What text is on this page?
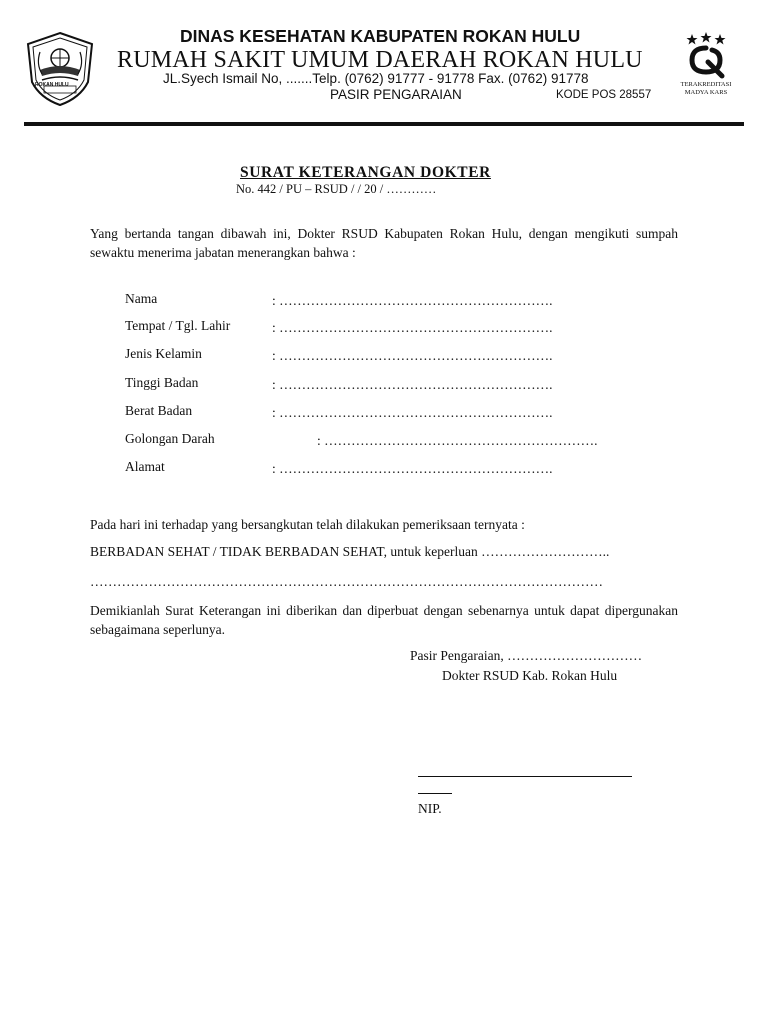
ROKAN HULU
DINAS KESEHATAN KABUPATEN ROKAN HULU
RUMAH SAKIT UMUM DAERAH ROKAN HULU
JL.Syech Ismail No, .......Telp. (0762) 91777 - 91778 Fax. (0762) 91778
PASIR PENGARAIAN	KODE POS 28557
TERAKREDITASI MADYA KARS
SURAT KETERANGAN DOKTER
No. 442 / PU – RSUD / / 20 / …………
Yang bertanda tangan dibawah ini, Dokter RSUD Kabupaten Rokan Hulu, dengan mengikuti sumpah sewaktu menerima jabatan menerangkan bahwa :
Nama	: …………………………………………………….
Tempat / Tgl. Lahir	: …………………………………………………….
Jenis Kelamin	: …………………………………………………….
Tinggi Badan	: …………………………………………………….
Berat Badan	: …………………………………………………….
Golongan Darah	: …………………………………………………….
Alamat	: …………………………………………………….
Pada hari ini terhadap yang bersangkutan telah dilakukan pemeriksaan ternyata :
BERBADAN SEHAT / TIDAK BERBADAN SEHAT, untuk keperluan ………………………..
……………………………………………………………………………………………………
Demikianlah Surat Keterangan ini diberikan dan diperbuat dengan sebenarnya untuk dapat dipergunakan sebagaimana seperlunya.
Pasir Pengaraian, …………………………
Dokter RSUD Kab. Rokan Hulu
NIP.
